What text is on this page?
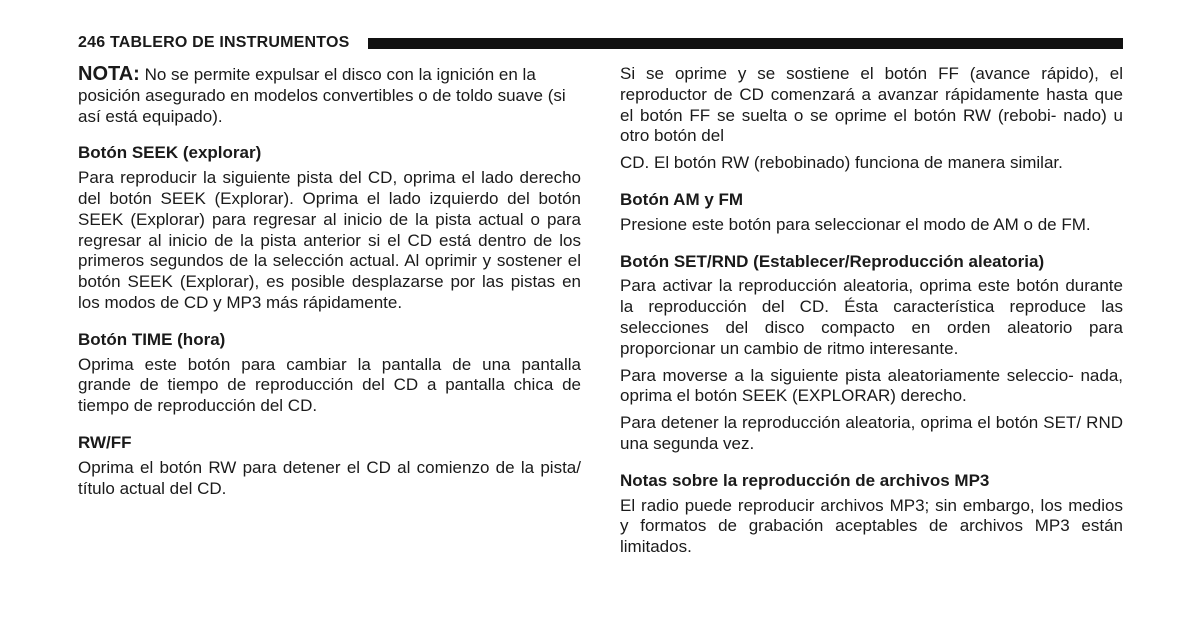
246 TABLERO DE INSTRUMENTOS

NOTA: No se permite expulsar el disco con la ignición en la posición asegurado en modelos convertibles o de toldo suave (si así está equipado).

Botón SEEK (explorar)

Para reproducir la siguiente pista del CD, oprima el lado derecho del botón SEEK (Explorar). Oprima el lado izquierdo del botón SEEK (Explorar) para regresar al inicio de la pista actual o para regresar al inicio de la pista anterior si el CD está dentro de los primeros segundos de la selección actual. Al oprimir y sostener el botón SEEK (Explorar), es posible desplazarse por las pistas en los modos de CD y MP3 más rápidamente.

Botón TIME (hora)

Oprima este botón para cambiar la pantalla de una pantalla grande de tiempo de reproducción del CD a pantalla chica de tiempo de reproducción del CD.

RW/FF

Oprima el botón RW para detener el CD al comienzo de la pista/ título actual del CD.

Si se oprime y se sostiene el botón FF (avance rápido), el reproductor de CD comenzará a avanzar rápidamente hasta que el botón FF se suelta o se oprime el botón RW (rebobi- nado) u otro botón del

CD. El botón RW (rebobinado) funciona de manera similar.

Botón AM y FM

Presione este botón para seleccionar el modo de AM o de FM.

Botón SET/RND (Establecer/Reproducción aleatoria)

Para activar la reproducción aleatoria, oprima este botón durante la reproducción del CD. Ésta característica reproduce las selecciones del disco compacto en orden aleatorio para proporcionar un cambio de ritmo interesante.

Para moverse a la siguiente pista aleatoriamente seleccio- nada, oprima el botón SEEK (EXPLORAR) derecho.

Para detener la reproducción aleatoria, oprima el botón SET/ RND una segunda vez.

Notas sobre la reproducción de archivos MP3

El radio puede reproducir archivos MP3; sin embargo, los medios y formatos de grabación aceptables de archivos MP3 están limitados.
